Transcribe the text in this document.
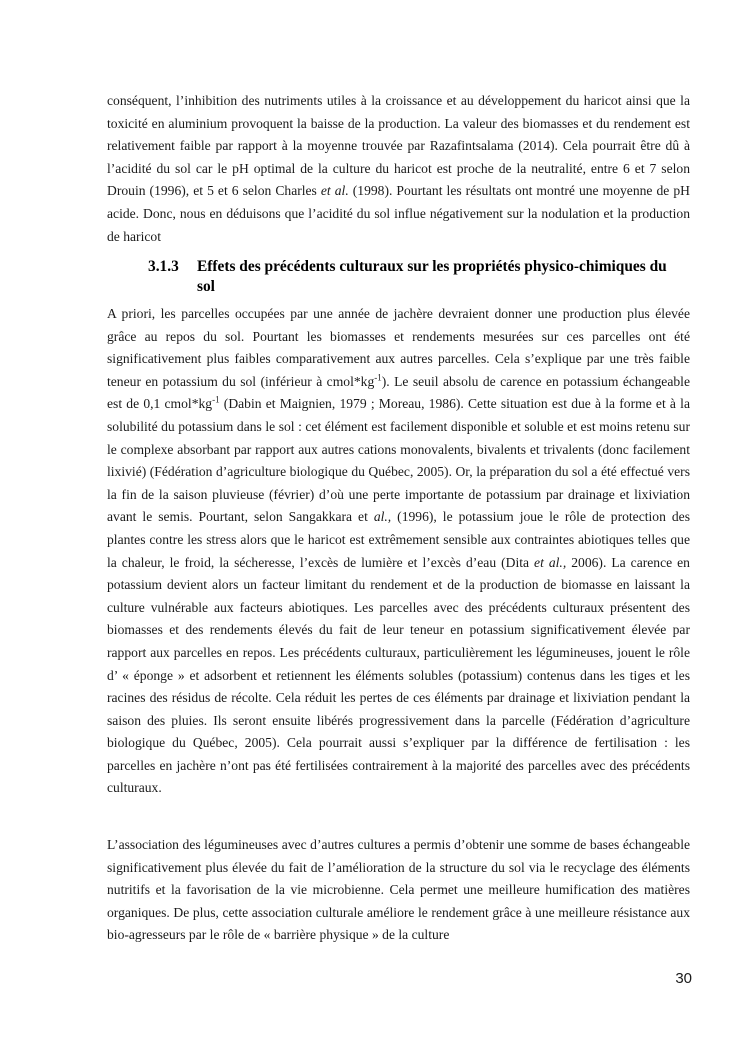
conséquent, l’inhibition des nutriments utiles à la croissance et au développement du haricot ainsi que la toxicité en aluminium provoquent la baisse de la production. La valeur des biomasses et du rendement est relativement faible par rapport à la moyenne trouvée par Razafintsalama (2014). Cela pourrait être dû à l’acidité du sol car le pH optimal de la culture du haricot est proche de la neutralité, entre 6 et 7 selon Drouin (1996), et 5 et 6 selon Charles et al. (1998). Pourtant les résultats ont montré une moyenne de pH acide. Donc, nous en déduisons que l’acidité du sol influe négativement sur la nodulation et la production de haricot

3.1.3 Effets des précédents culturaux sur les propriétés physico-chimiques du sol

A priori, les parcelles occupées par une année de jachère devraient donner une production plus élevée grâce au repos du sol. Pourtant les biomasses et rendements mesurées sur ces parcelles ont été significativement plus faibles comparativement aux autres parcelles. Cela s’explique par une très faible teneur en potassium du sol (inférieur à $cmol*kg^{-1}$). Le seuil absolu de carence en potassium échangeable est de 0,1 $cmol*kg^{-1}$ (Dabin et Maignien, 1979 ; Moreau, 1986). Cette situation est due à la forme et à la solubilité du potassium dans le sol : cet élément est facilement disponible et soluble et est moins retenu sur le complexe absorbant par rapport aux autres cations monovalents, bivalents et trivalents (donc facilement lixivié) (Fédération d’agriculture biologique du Québec, 2005). Or, la préparation du sol a été effectué vers la fin de la saison pluvieuse (février) d’où une perte importante de potassium par drainage et lixiviation avant le semis. Pourtant, selon Sangakkara et al., (1996), le potassium joue le rôle de protection des plantes contre les stress alors que le haricot est extrêmement sensible aux contraintes abiotiques telles que la chaleur, le froid, la sécheresse, l’excès de lumière et l’excès d’eau (Dita et al., 2006). La carence en potassium devient alors un facteur limitant du rendement et de la production de biomasse en laissant la culture vulnérable aux facteurs abiotiques. Les parcelles avec des précédents culturaux présentent des biomasses et des rendements élevés du fait de leur teneur en potassium significativement élevée par rapport aux parcelles en repos. Les précédents culturaux, particulièrement les légumineuses, jouent le rôle d’ « éponge » et adsorbent et retiennent les éléments solubles (potassium) contenus dans les tiges et les racines des résidus de récolte. Cela réduit les pertes de ces éléments par drainage et lixiviation pendant la saison des pluies. Ils seront ensuite libérés progressivement dans la parcelle (Fédération d’agriculture biologique du Québec, 2005). Cela pourrait aussi s’expliquer par la différence de fertilisation : les parcelles en jachère n’ont pas été fertilisées contrairement à la majorité des parcelles avec des précédents culturaux.

L’association des légumineuses avec d’autres cultures a permis d’obtenir une somme de bases échangeable significativement plus élevée du fait de l’amélioration de la structure du sol via le recyclage des éléments nutritifs et la favorisation de la vie microbienne. Cela permet une meilleure humification des matières organiques. De plus, cette association culturale améliore le rendement grâce à une meilleure résistance aux bio-agresseurs par le rôle de « barrière physique » de la culture

30
